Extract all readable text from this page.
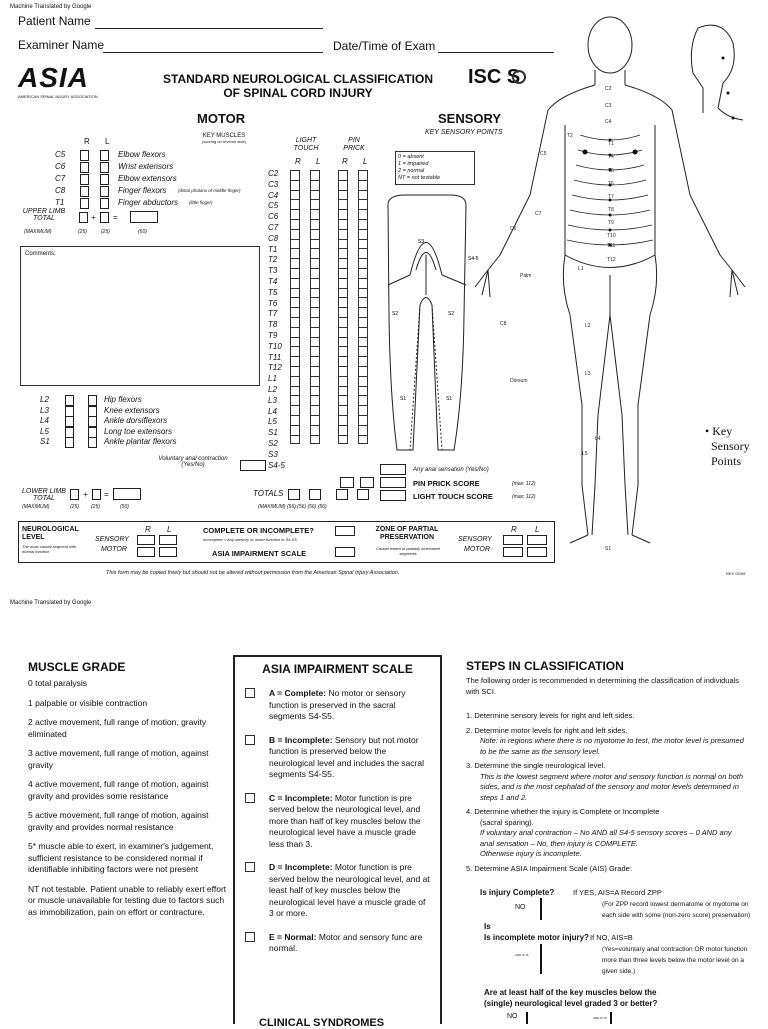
Machine Translated by Google
Patient Name
Examiner Name	Date/Time of Exam
ASIA
AMERICAN SPINAL INJURY ASSOCIATION
STANDARD NEUROLOGICAL CLASSIFICATION
OF SPINAL CORD INJURY
ISC S
MOTOR
KEY MUSCLES
(scoring on reverse side)
R L
C5	Elbow flexors
C6	Wrist extensors
C7	Elbow extensors
C8	Finger flexors	(distal phalanx of middle finger)
T1	Finger abductors (little finger)
UPPER LIMB TOTAL	+ =
(MAXIMUM)	(25)	(25)	(50)
Comments:
L2	Hip flexors
L3	Knee extensors
L4	Ankle dorsiflexors
L5	Long toe extensors
S1	Ankle plantar flexors
Voluntary anal contraction (Yes/No)
LOWER LIMB TOTAL	+ =
(MAXIMUM)	(25) (25)	(50)
LIGHT TOUCH
PIN PRICK
R L	R L
C2
C3
C4
C5
C6
C7
C8
T1
T2
T3
T4
T5
T6
T7
T8
T9
T10
T11
T12
L1
L2
L3
L4
L5
S1
S2
S3
S4-5
SENSORY
KEY SENSORY POINTS
0 = absent
1 = impaired
2 = normal
NT = not testable
S3
S4-5
S2	S2
S1	S1
C2 C3 C4 T2 T1 T4 T5 T6 T7 T8 T9 T10 T11 T12 L1 L2 L3 L4 L5 S1 C5 C6 C7 C8 Palm Dorsum
• Key
Sensory
Points
TOTALS
(MAXIMUM) (56) (56) (56) (56)
Any anal sensation (Yes/No)
PIN PRICK SCORE	(max: 112)
LIGHT TOUCH SCORE	(max: 112)
NEUROLOGICAL LEVEL
The most caudal segment with normal function
SENSORY
MOTOR
R L	COMPLETE OR INCOMPLETE?
Incomplete = Any sensory or motor function in S4-S5
ASIA IMPAIRMENT SCALE
ZONE OF PARTIAL PRESERVATION
Caudal extent of partially innervated segments
SENSORY
MOTOR
R L
This form may be copied freely but should not be altered without permission from the American Spinal Injury Association.	REV 02/06
Machine Translated by Google
MUSCLE GRADE
0 total paralysis
1 palpable or visible contraction
2 active movement, full range of motion, gravity eliminated
3 active movement, full range of motion, against gravity
4 active movement, full range of motion, against gravity and provides some resistance
5 active movement, full range of motion, against gravity and provides normal resistance
5* muscle able to exert, in examiner's judgement, sufficient resistance to be considered normal if identifiable inhibiting factors were not present
NT not testable. Patient unable to reliably exert effort or muscle unavailable for testing due to factors such as immobilization, pain on effort or contracture.
ASIA IMPAIRMENT SCALE
A = Complete: No motor or sensory function is preserved in the sacral segments S4-S5.
B = Incomplete: Sensory but not motor function is preserved below the neurological level and includes the sacral segments S4-S5.
C = Incomplete: Motor function is pre served below the neurological level, and more than half of key muscles below the neurological level have a muscle grade less than 3.
D = Incomplete: Motor function is pre served below the neurological level, and at least half of key muscles below the neurological level have a muscle grade of 3 or more.
E = Normal: Motor and sensory func are normal.
CLINICAL SYNDROMES
STEPS IN CLASSIFICATION
The following order is recommended in determining the classification of individuals with SCI.
1. Determine sensory levels for right and left sides.
2. Determine motor levels for right and left sides.
Note: in regions where there is no myotome to test, the motor level is presumed to be the same as the sensory level.
3. Determine the single neurological level.
This is the lowest segment where motor and sensory function is normal on both sides, and is the most cephalad of the sensory and motor levels determined in steps 1 and 2.
4. Determine whether the injury is Complete or Incomplete
(sacral sparing).
If voluntary anal contraction – No AND all S4-5 sensory scores – 0 AND any anal sensation – No, then injury is COMPLETE.
Otherwise injury is incomplete.
5. Determine ASIA Impairment Scale (AIS) Grade:
Is injury Complete?	If YES, AIS=A Record ZPP
(For ZPP record lowest dermatome or myotome on each side with some (non-zero score) preservation)
NO
Is
Is incomplete motor injury? If NO, AIS=B
(Yes=voluntary anal contraction OR motor function more than three levels below the motor level on a given side.)
AND IF IS
Are at least half of the key muscles below the (single) neurological level graded 3 or better?
NO	AND IF IS
